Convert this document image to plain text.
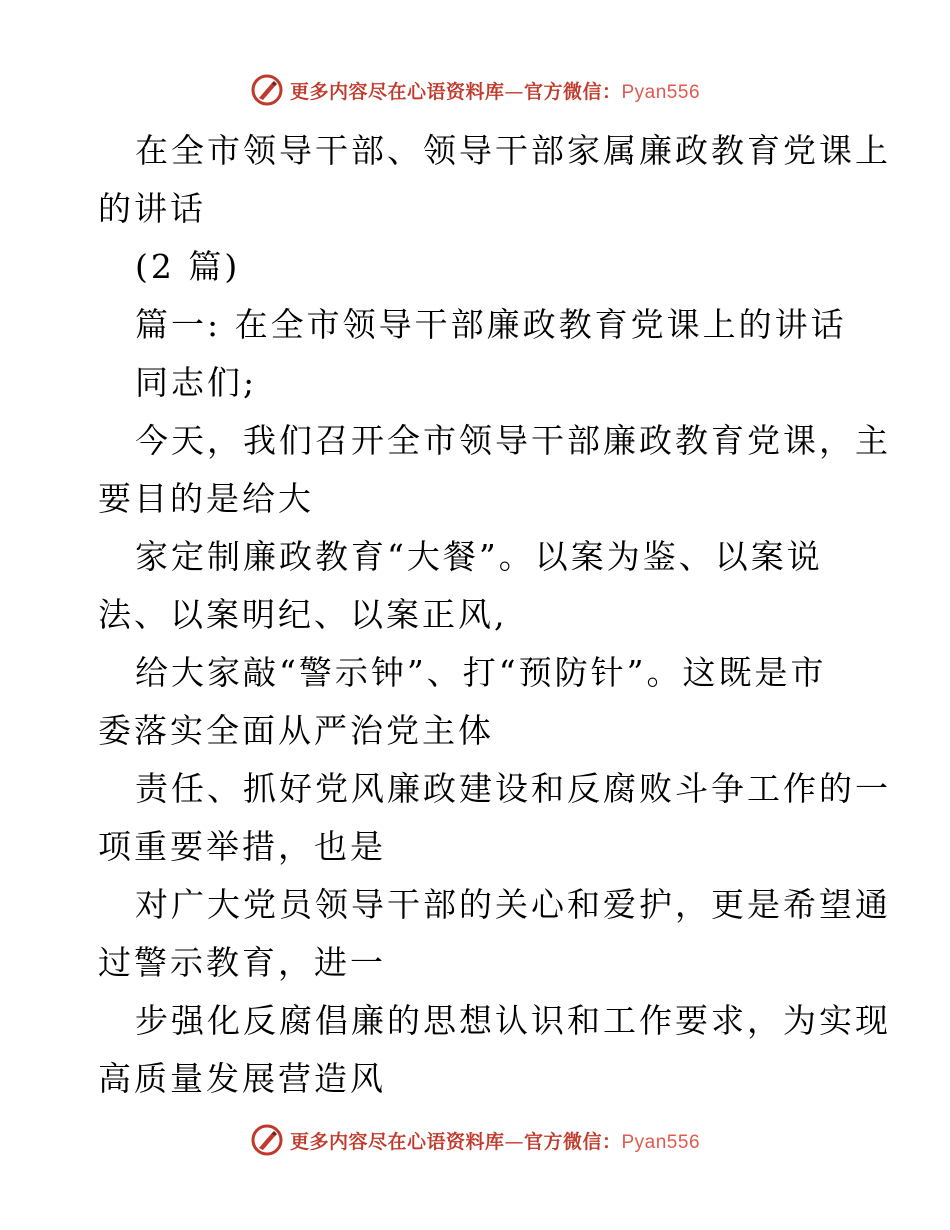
更多内容尽在心语资料库—官方微信：Pyan556
在全市领导干部、领导干部家属廉政教育党课上
的讲话
(2 篇)
篇一: 在全市领导干部廉政教育党课上的讲话
同志们;
今天，我们召开全市领导干部廉政教育党课，主
要目的是给大
家定制廉政教育“大餐”。以案为鉴、以案说
法、以案明纪、以案正风,
给大家敲“警示钟”、打“预防针”。这既是市
委落实全面从严治党主体
责任、抓好党风廉政建设和反腐败斗争工作的一
项重要举措，也是
对广大党员领导干部的关心和爱护，更是希望通
过警示教育，进一
步强化反腐倡廉的思想认识和工作要求，为实现
高质量发展营造风
更多内容尽在心语资料库—官方微信：Pyan556
